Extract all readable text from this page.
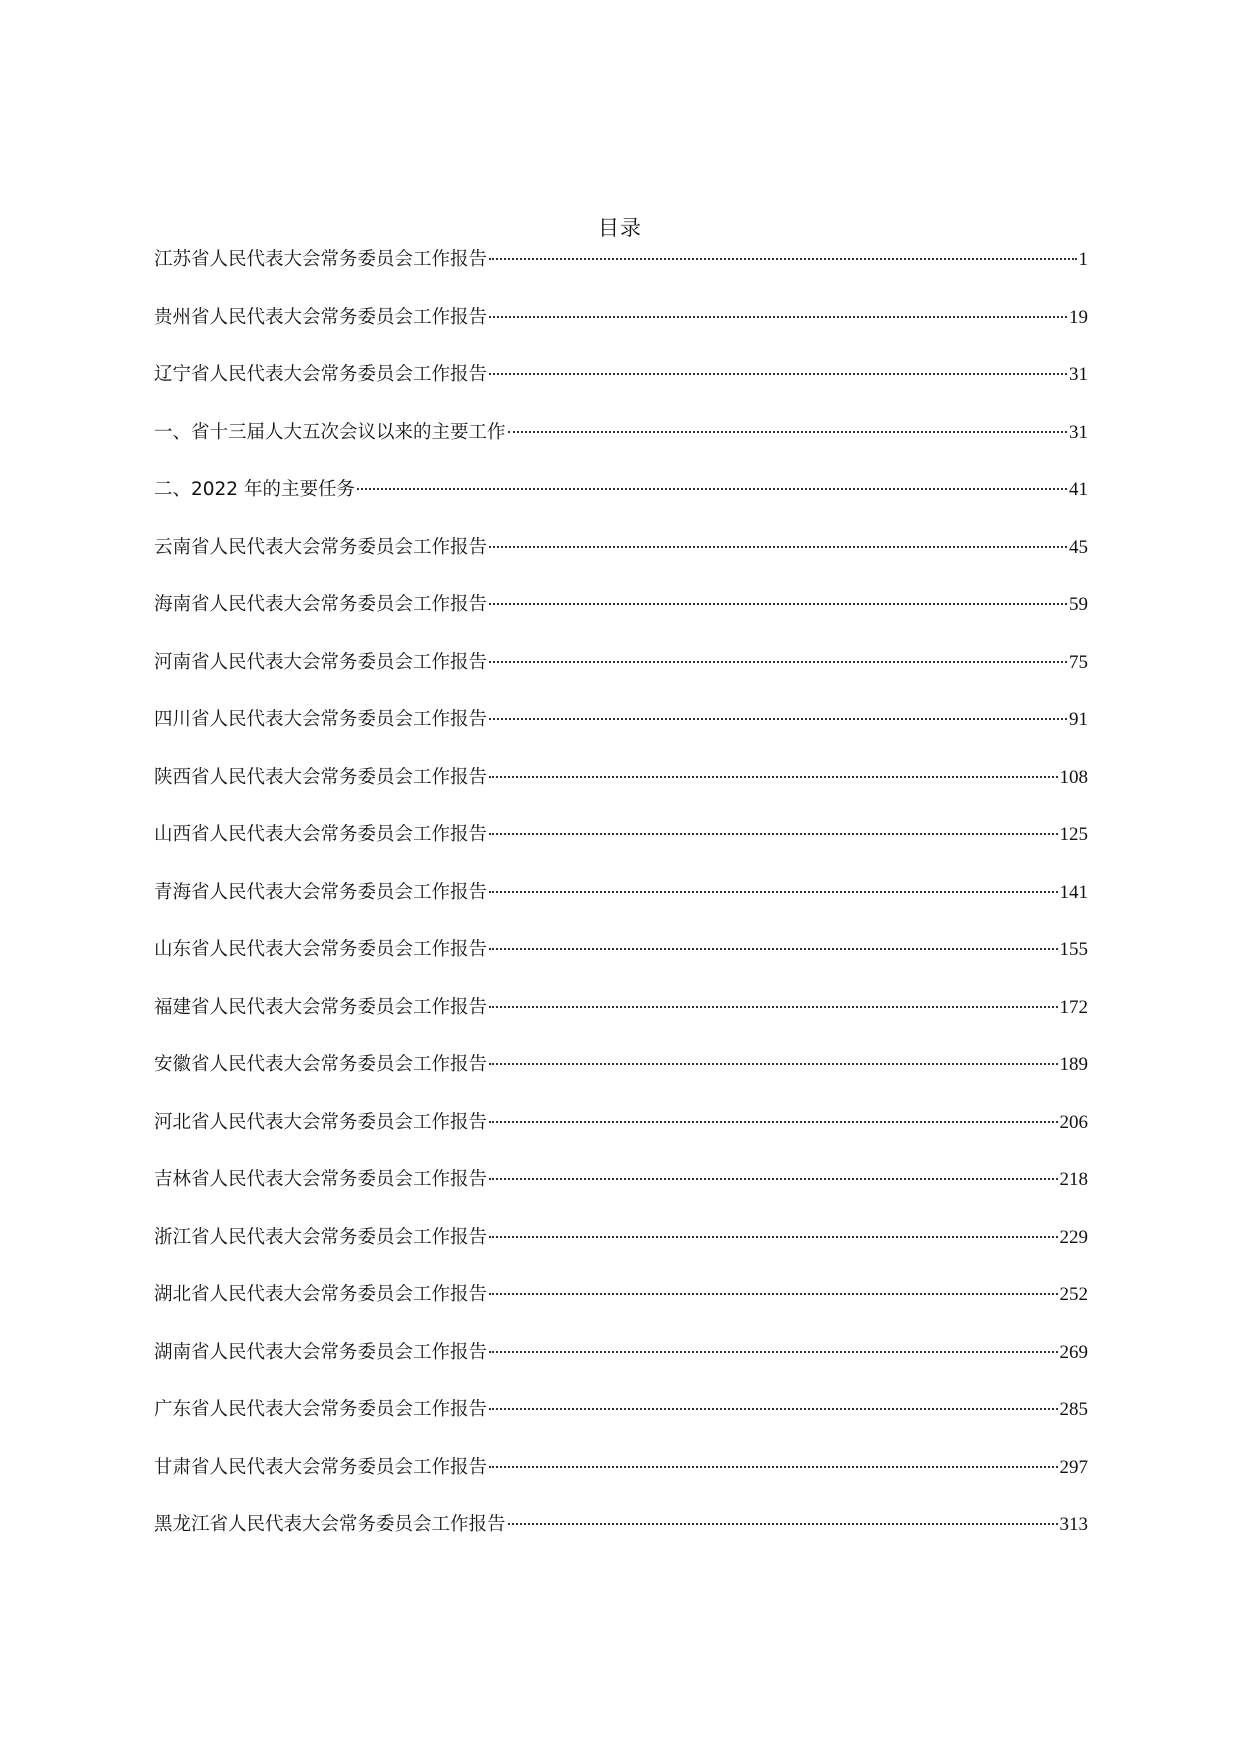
目录
江苏省人民代表大会常务委员会工作报告	1
贵州省人民代表大会常务委员会工作报告	19
辽宁省人民代表大会常务委员会工作报告	31
一、省十三届人大五次会议以来的主要工作	31
二、2022 年的主要任务	41
云南省人民代表大会常务委员会工作报告	45
海南省人民代表大会常务委员会工作报告	59
河南省人民代表大会常务委员会工作报告	75
四川省人民代表大会常务委员会工作报告	91
陕西省人民代表大会常务委员会工作报告	108
山西省人民代表大会常务委员会工作报告	125
青海省人民代表大会常务委员会工作报告	141
山东省人民代表大会常务委员会工作报告	155
福建省人民代表大会常务委员会工作报告	172
安徽省人民代表大会常务委员会工作报告	189
河北省人民代表大会常务委员会工作报告	206
吉林省人民代表大会常务委员会工作报告	218
浙江省人民代表大会常务委员会工作报告	229
湖北省人民代表大会常务委员会工作报告	252
湖南省人民代表大会常务委员会工作报告	269
广东省人民代表大会常务委员会工作报告	285
甘肃省人民代表大会常务委员会工作报告	297
黑龙江省人民代表大会常务委员会工作报告	313
